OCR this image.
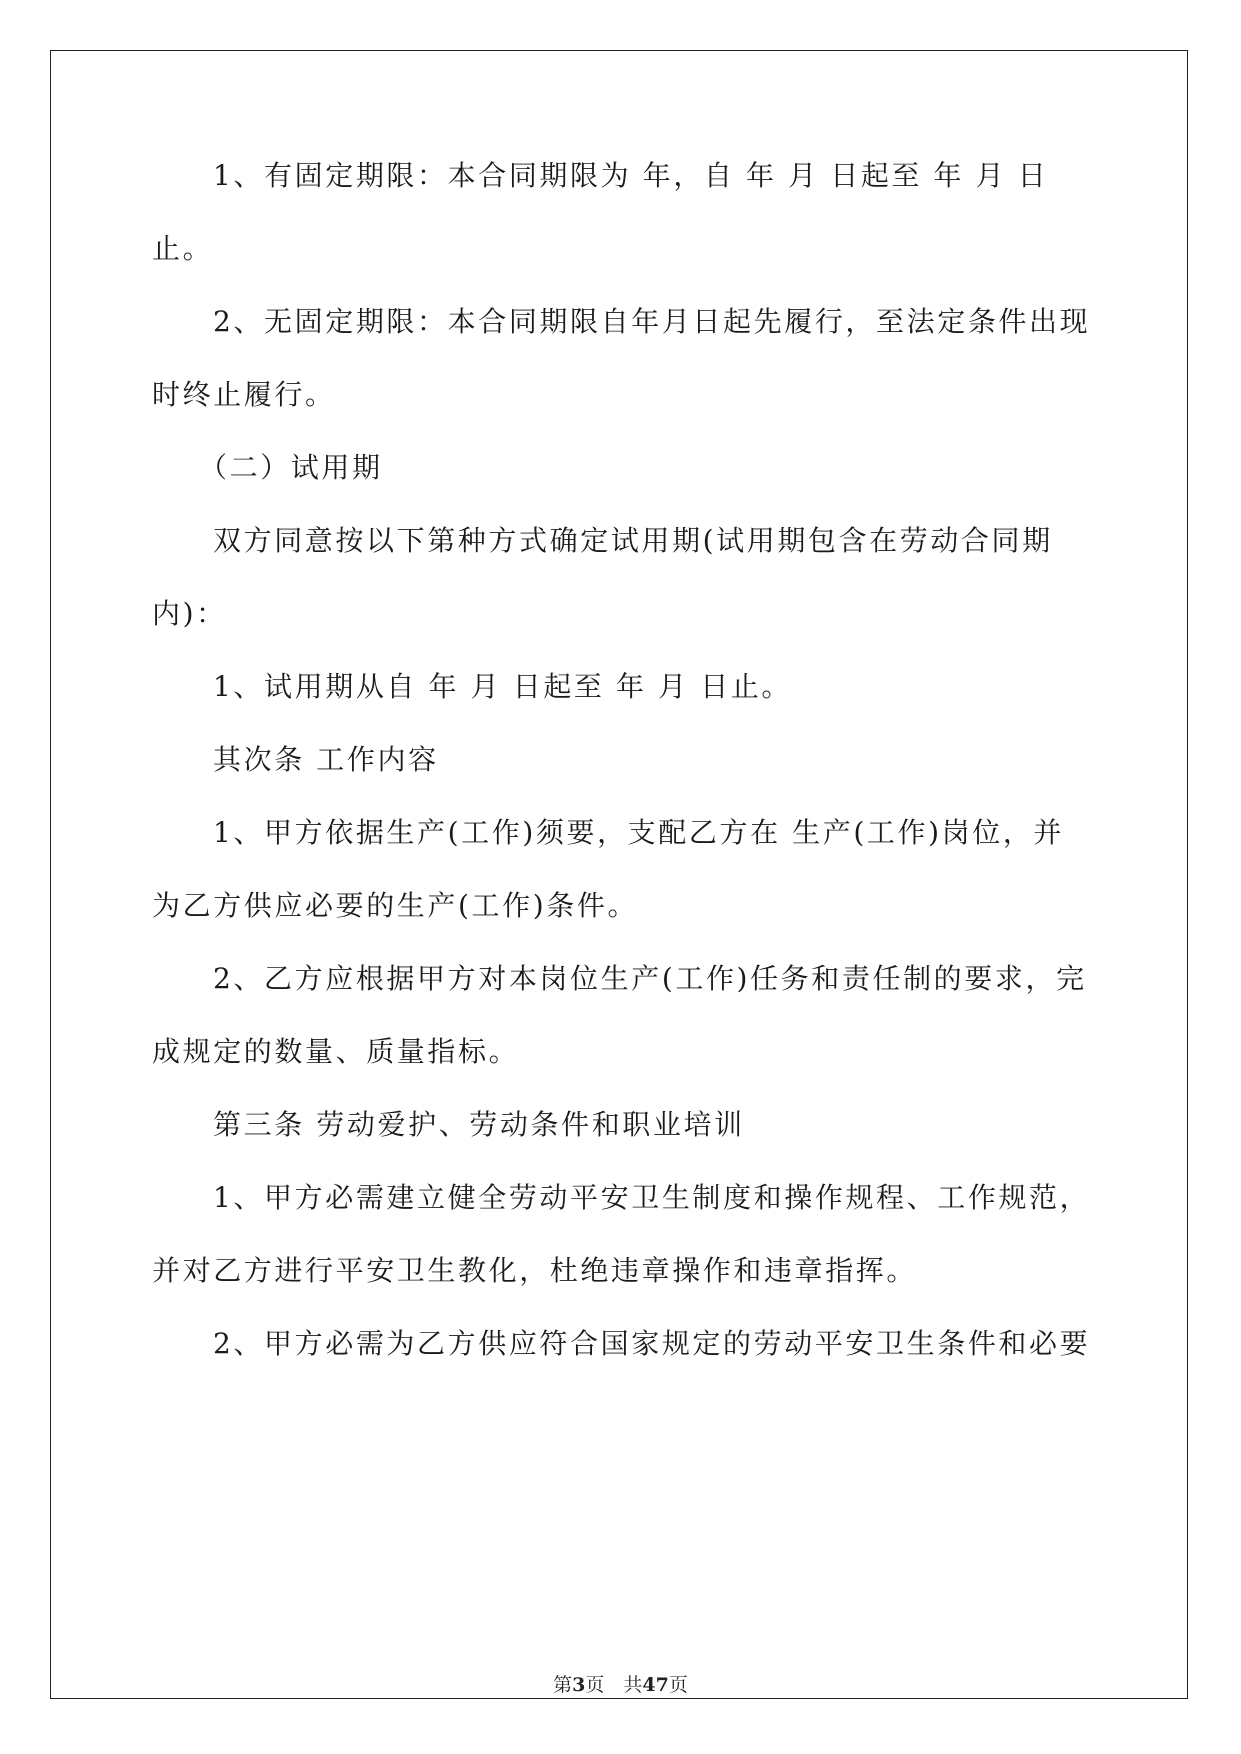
1、有固定期限：本合同期限为 年，自 年 月 日起至 年 月 日

止。

2、无固定期限：本合同期限自年月日起先履行，至法定条件出现

时终止履行。

（二）试用期

双方同意按以下第种方式确定试用期(试用期包含在劳动合同期

内)：

1、试用期从自 年 月 日起至 年 月 日止。

其次条 工作内容

1、甲方依据生产(工作)须要，支配乙方在 生产(工作)岗位，并

为乙方供应必要的生产(工作)条件。

2、乙方应根据甲方对本岗位生产(工作)任务和责任制的要求，完

成规定的数量、质量指标。

第三条 劳动爱护、劳动条件和职业培训

1、甲方必需建立健全劳动平安卫生制度和操作规程、工作规范，

并对乙方进行平安卫生教化，杜绝违章操作和违章指挥。

2、甲方必需为乙方供应符合国家规定的劳动平安卫生条件和必要

第3页　共47页
